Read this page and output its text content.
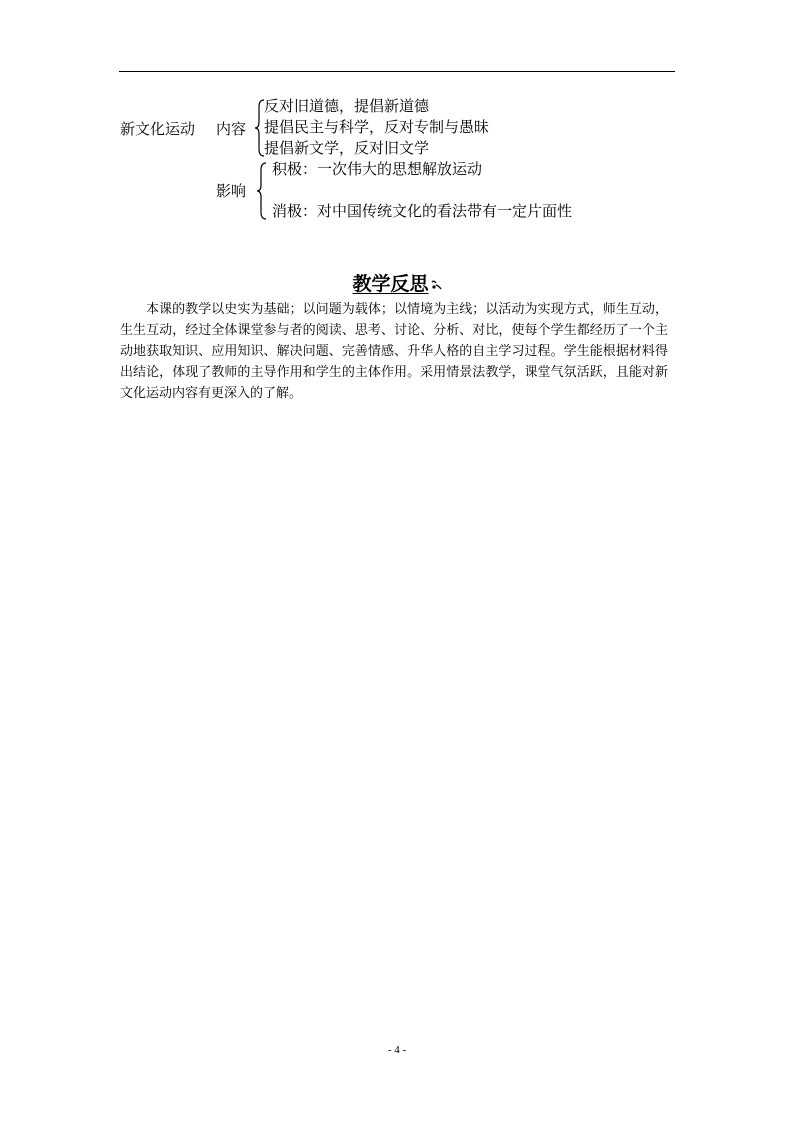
新文化运动 内容
反对旧道德，提倡新道德
提倡民主与科学，反对专制与愚昧
提倡新文学，反对旧文学
影响
积极：一次伟大的思想解放运动
消极：对中国传统文化的看法带有一定片面性
教学反思

本课的教学以史实为基础；以问题为载体；以情境为主线；以活动为实现方式，师生互动，生生互动，经过全体课堂参与者的阅读、思考、讨论、分析、对比，使每个学生都经历了一个主动地获取知识、应用知识、解决问题、完善情感、升华人格的自主学习过程。学生能根据材料得出结论，体现了教师的主导作用和学生的主体作用。采用情景法教学，课堂气氛活跃，且能对新文化运动内容有更深入的了解。

- 4 -
